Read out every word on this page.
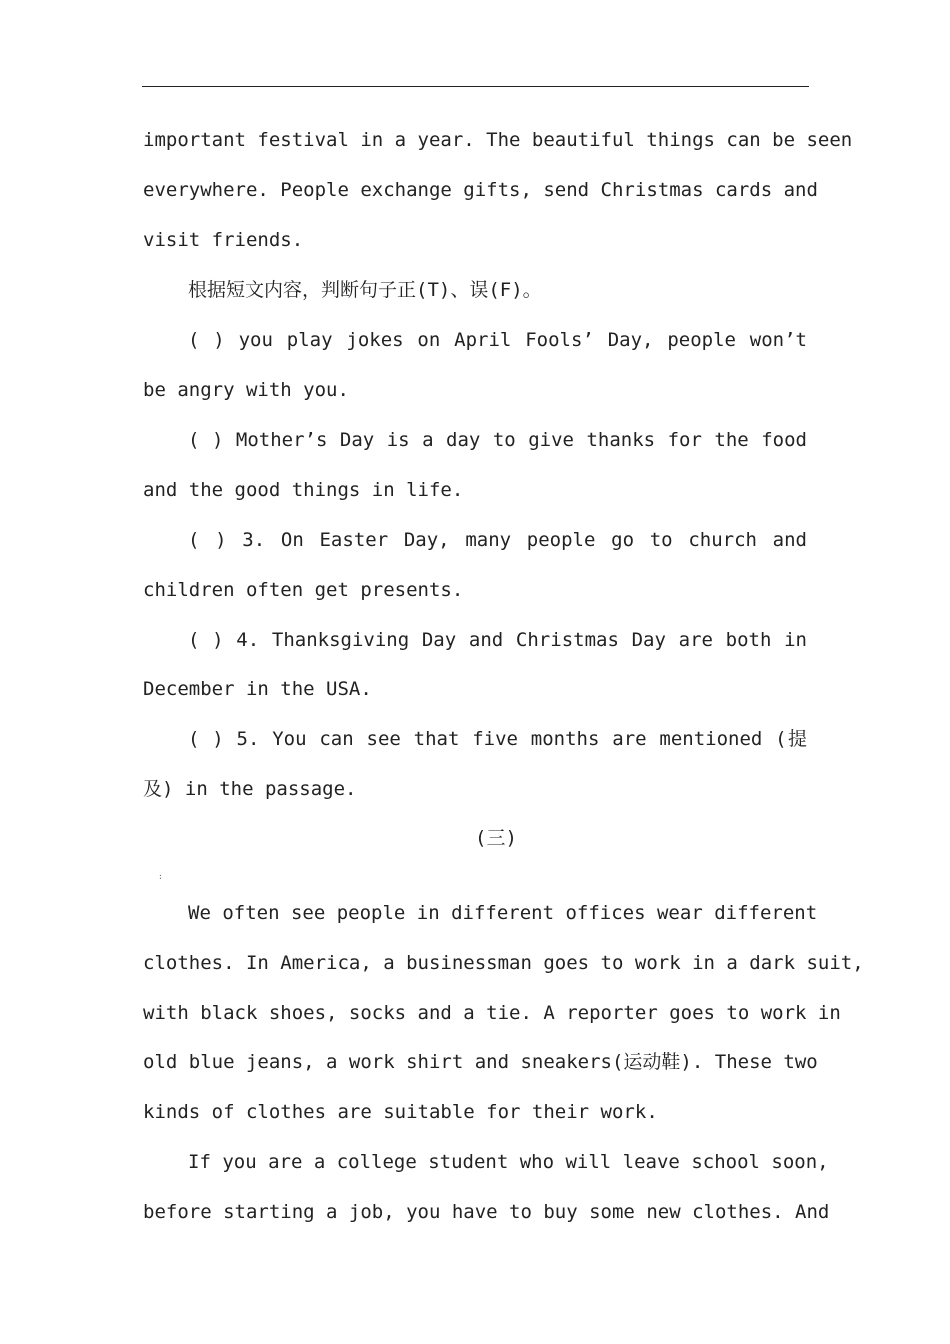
important festival in a year. The beautiful things can be seen
everywhere. People exchange gifts, send Christmas cards and
visit friends.
根据短文内容，判断句子正(T)、误(F)。
( ) you play jokes on April Fools’ Day, people won’t
be angry with you.
( ) Mother’s Day is a day to give thanks for the food
and the good things in life.
( ) 3. On Easter Day, many people go to church and
children often get presents.
( ) 4. Thanksgiving Day and Christmas Day are both in
December in the USA.
( ) 5. You can see that five months are mentioned (提
及) in the passage.
(三)
:
We often see people in different offices wear different
clothes. In America, a businessman goes to work in a dark suit,
with black shoes, socks and a tie. A reporter goes to work in
old blue jeans, a work shirt and sneakers(运动鞋). These two
kinds of clothes are suitable for their work.
If you are a college student who will leave school soon,
before starting a job, you have to buy some new clothes. And
